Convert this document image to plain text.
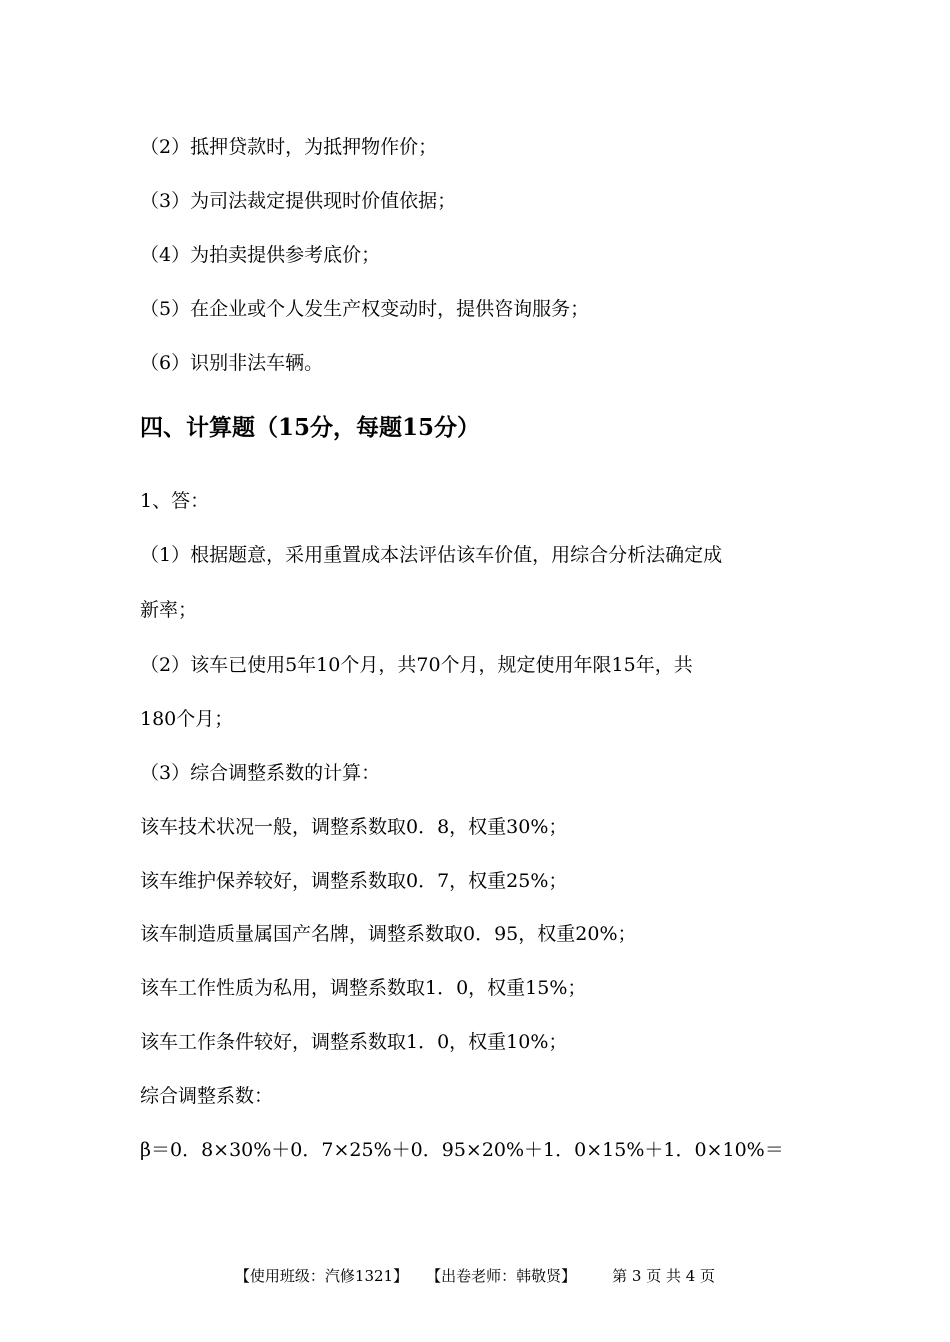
（2）抵押贷款时，为抵押物作价；
（3）为司法裁定提供现时价值依据；
（4）为拍卖提供参考底价；
（5）在企业或个人发生产权变动时，提供咨询服务；
（6）识别非法车辆。
四、计算题（15分，每题15分）
1、答：
（1）根据题意，采用重置成本法评估该车价值，用综合分析法确定成
新率；
（2）该车已使用5年10个月，共70个月，规定使用年限15年，共
180个月；
（3）综合调整系数的计算：
该车技术状况一般，调整系数取0．8，权重30%；
该车维护保养较好，调整系数取0．7，权重25%；
该车制造质量属国产名牌，调整系数取0．95，权重20%；
该车工作性质为私用，调整系数取1．0，权重15%；
该车工作条件较好，调整系数取1．0，权重10%；
综合调整系数：
β＝0．8×30%＋0．7×25%＋0．95×20%＋1．0×15%＋1．0×10%＝
【使用班级：汽修1321】 【出卷老师：韩敬贤】 第 3 页 共 4 页
